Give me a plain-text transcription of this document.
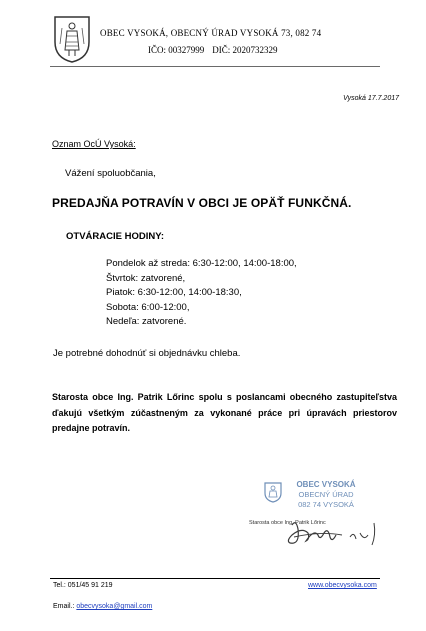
OBEC VYSOKÁ, OBECNÝ ÚRAD VYSOKÁ 73, 082 74
IČO: 00327999 DIČ: 2020732329
Vysoká 17.7.2017
Oznam OcÚ Vysoká:
Vážení spoluobčania,
PREDAJŇA POTRAVÍN V OBCI JE OPÄŤ FUNKČNÁ.
OTVÁRACIE HODINY:
Pondelok až streda: 6:30-12:00, 14:00-18:00,
Štvrtok: zatvorené,
Piatok: 6:30-12:00, 14:00-18:30,
Sobota: 6:00-12:00,
Nedeľa: zatvorené.
Je potrebné dohodnúť si objednávku chleba.

Starosta obce Ing. Patrik Lőrinc spolu s poslancami obecného zastupiteľstva ďakujú všetkým zúčastneným za vykonané práce pri úpravách priestorov predajne potravín.

OBEC VYSOKÁ
OBECNÝ ÚRAD
082 74 VYSOKÁ
Starosta obce Ing. Patrik Lőrinc
Tel.: 051/45 91 219	www.obecvysoka.com
Email.: obecvysoka@gmail.com
